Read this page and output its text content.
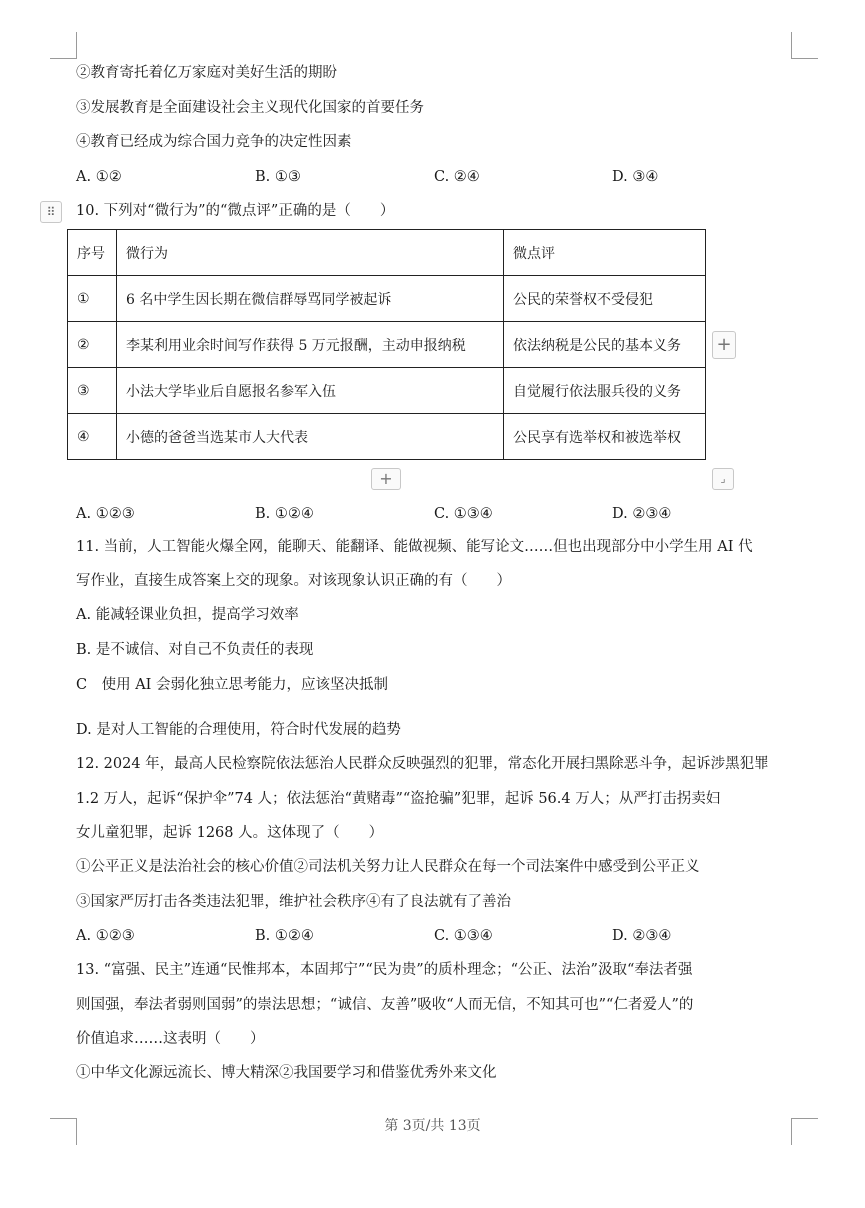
②教育寄托着亿万家庭对美好生活的期盼
③发展教育是全面建设社会主义现代化国家的首要任务
④教育已经成为综合国力竞争的决定性因素
A. ①②	B. ①③	C. ②④	D. ③④
⠿	10. 下列对“微行为”的“微点评”正确的是（　　）
序号	微行为	微点评
①	6 名中学生因长期在微信群辱骂同学被起诉	公民的荣誉权不受侵犯
②	李某利用业余时间写作获得 5 万元报酬，主动申报纳税	依法纳税是公民的基本义务
③	小法大学毕业后自愿报名参军入伍	自觉履行依法服兵役的义务
④	小德的爸爸当选某市人大代表	公民享有选举权和被选举权
+
+	⌟
A. ①②③	B. ①②④	C. ①③④	D. ②③④
11. 当前，人工智能火爆全网，能聊天、能翻译、能做视频、能写论文……但也出现部分中小学生用 AI 代
写作业，直接生成答案上交的现象。对该现象认识正确的有（　　）
A. 能减轻课业负担，提高学习效率
B. 是不诚信、对自己不负责任的表现
C　使用 AI 会弱化独立思考能力，应该坚决抵制
D. 是对人工智能的合理使用，符合时代发展的趋势
12. 2024 年，最高人民检察院依法惩治人民群众反映强烈的犯罪，常态化开展扫黑除恶斗争，起诉涉黑犯罪
1.2 万人，起诉“保护伞”74 人；依法惩治“黄赌毒”“盗抢骗”犯罪，起诉 56.4 万人；从严打击拐卖妇
女儿童犯罪，起诉 1268 人。这体现了（　　）
①公平正义是法治社会的核心价值②司法机关努力让人民群众在每一个司法案件中感受到公平正义
③国家严厉打击各类违法犯罪，维护社会秩序④有了良法就有了善治
A. ①②③	B. ①②④	C. ①③④	D. ②③④
13. “富强、民主”连通“民惟邦本，本固邦宁”“民为贵”的质朴理念；“公正、法治”汲取“奉法者强
则国强，奉法者弱则国弱”的崇法思想；“诚信、友善”吸收“人而无信，不知其可也”“仁者爱人”的
价值追求……这表明（　　）
①中华文化源远流长、博大精深②我国要学习和借鉴优秀外来文化
第 3页/共 13页
